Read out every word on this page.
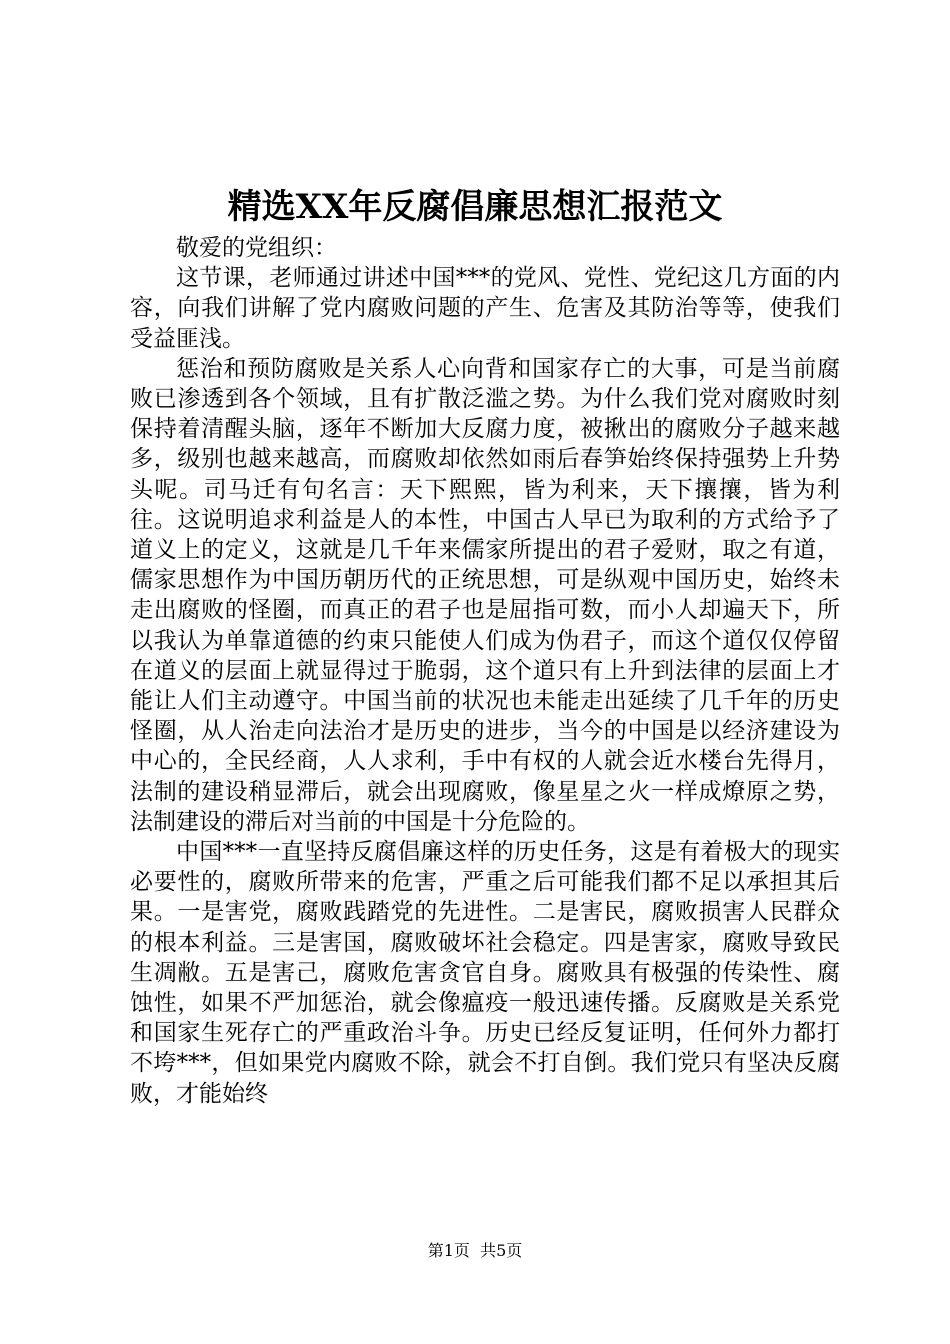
精选XX年反腐倡廉思想汇报范文

敬爱的党组织：

这节课，老师通过讲述中国***的党风、党性、党纪这几方面的内容，向我们讲解了党内腐败问题的产生、危害及其防治等等，使我们受益匪浅。

惩治和预防腐败是关系人心向背和国家存亡的大事，可是当前腐败已渗透到各个领域，且有扩散泛滥之势。为什么我们党对腐败时刻保持着清醒头脑，逐年不断加大反腐力度，被揪出的腐败分子越来越多，级别也越来越高，而腐败却依然如雨后春笋始终保持强势上升势头呢。司马迁有句名言：天下熙熙，皆为利来，天下攘攘，皆为利往。这说明追求利益是人的本性，中国古人早已为取利的方式给予了道义上的定义，这就是几千年来儒家所提出的君子爱财，取之有道，儒家思想作为中国历朝历代的正统思想，可是纵观中国历史，始终未走出腐败的怪圈，而真正的君子也是屈指可数，而小人却遍天下，所以我认为单靠道德的约束只能使人们成为伪君子，而这个道仅仅停留在道义的层面上就显得过于脆弱，这个道只有上升到法律的层面上才能让人们主动遵守。中国当前的状况也未能走出延续了几千年的历史怪圈，从人治走向法治才是历史的进步，当今的中国是以经济建设为中心的，全民经商，人人求利，手中有权的人就会近水楼台先得月，法制的建设稍显滞后，就会出现腐败，像星星之火一样成燎原之势，法制建设的滞后对当前的中国是十分危险的。

中国***一直坚持反腐倡廉这样的历史任务，这是有着极大的现实必要性的，腐败所带来的危害，严重之后可能我们都不足以承担其后果。一是害党，腐败践踏党的先进性。二是害民，腐败损害人民群众的根本利益。三是害国，腐败破坏社会稳定。四是害家，腐败导致民生凋敝。五是害己，腐败危害贪官自身。腐败具有极强的传染性、腐蚀性，如果不严加惩治，就会像瘟疫一般迅速传播。反腐败是关系党和国家生死存亡的严重政治斗争。历史已经反复证明，任何外力都打不垮***，但如果党内腐败不除，就会不打自倒。我们党只有坚决反腐败，才能始终

第1页 共5页
